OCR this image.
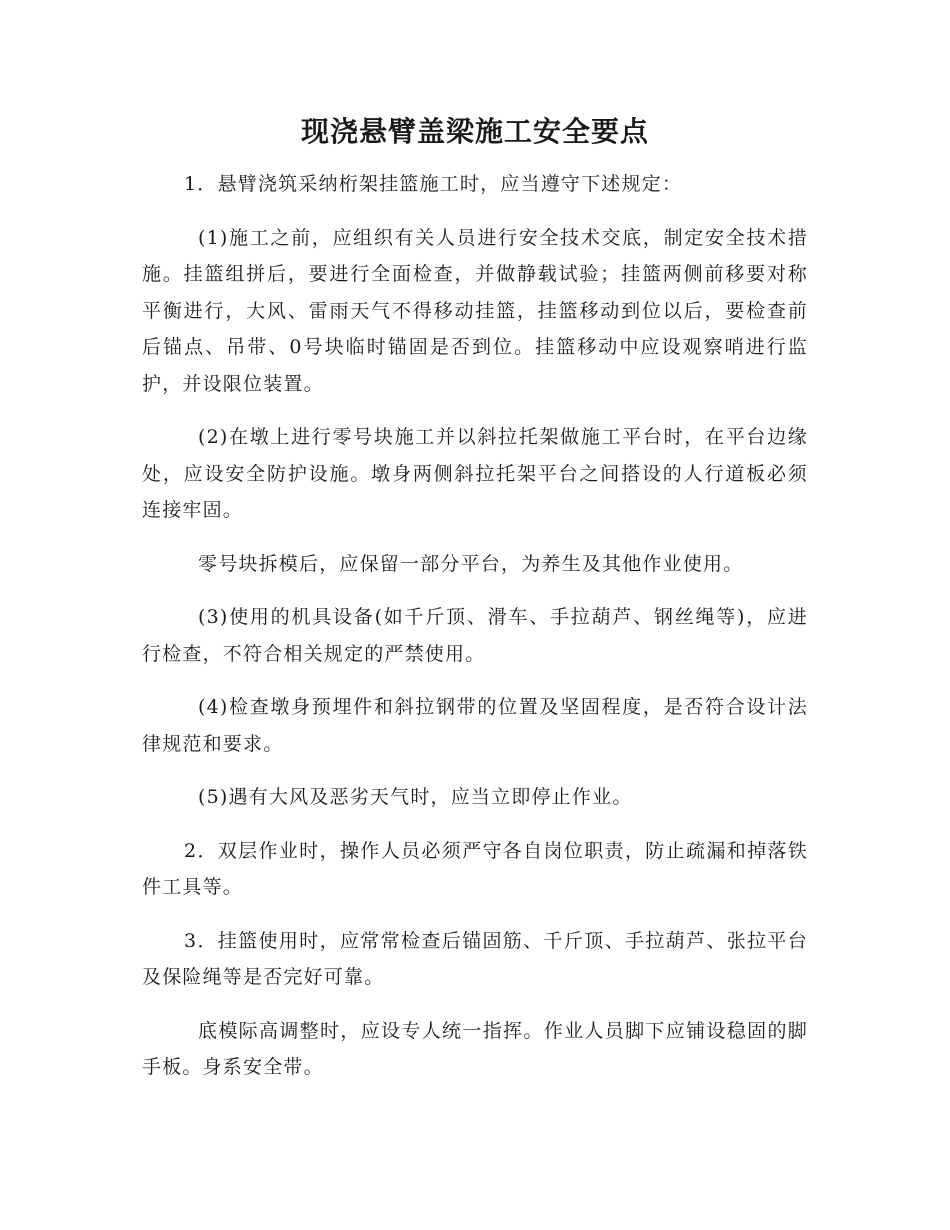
现浇悬臂盖梁施工安全要点

1．悬臂浇筑采纳桁架挂篮施工时，应当遵守下述规定：

(1)施工之前，应组织有关人员进行安全技术交底，制定安全技术措施。挂篮组拼后，要进行全面检查，并做静载试验；挂篮两侧前移要对称平衡进行，大风、雷雨天气不得移动挂篮，挂篮移动到位以后，要检查前后锚点、吊带、0号块临时锚固是否到位。挂篮移动中应设观察哨进行监护，并设限位装置。

(2)在墩上进行零号块施工并以斜拉托架做施工平台时，在平台边缘处，应设安全防护设施。墩身两侧斜拉托架平台之间搭设的人行道板必须连接牢固。

零号块拆模后，应保留一部分平台，为养生及其他作业使用。

(3)使用的机具设备(如千斤顶、滑车、手拉葫芦、钢丝绳等)，应进行检查，不符合相关规定的严禁使用。

(4)检查墩身预埋件和斜拉钢带的位置及坚固程度，是否符合设计法律规范和要求。

(5)遇有大风及恶劣天气时，应当立即停止作业。

2．双层作业时，操作人员必须严守各自岗位职责，防止疏漏和掉落铁件工具等。

3．挂篮使用时，应常常检查后锚固筋、千斤顶、手拉葫芦、张拉平台及保险绳等是否完好可靠。

底模际高调整时，应设专人统一指挥。作业人员脚下应铺设稳固的脚手板。身系安全带。
